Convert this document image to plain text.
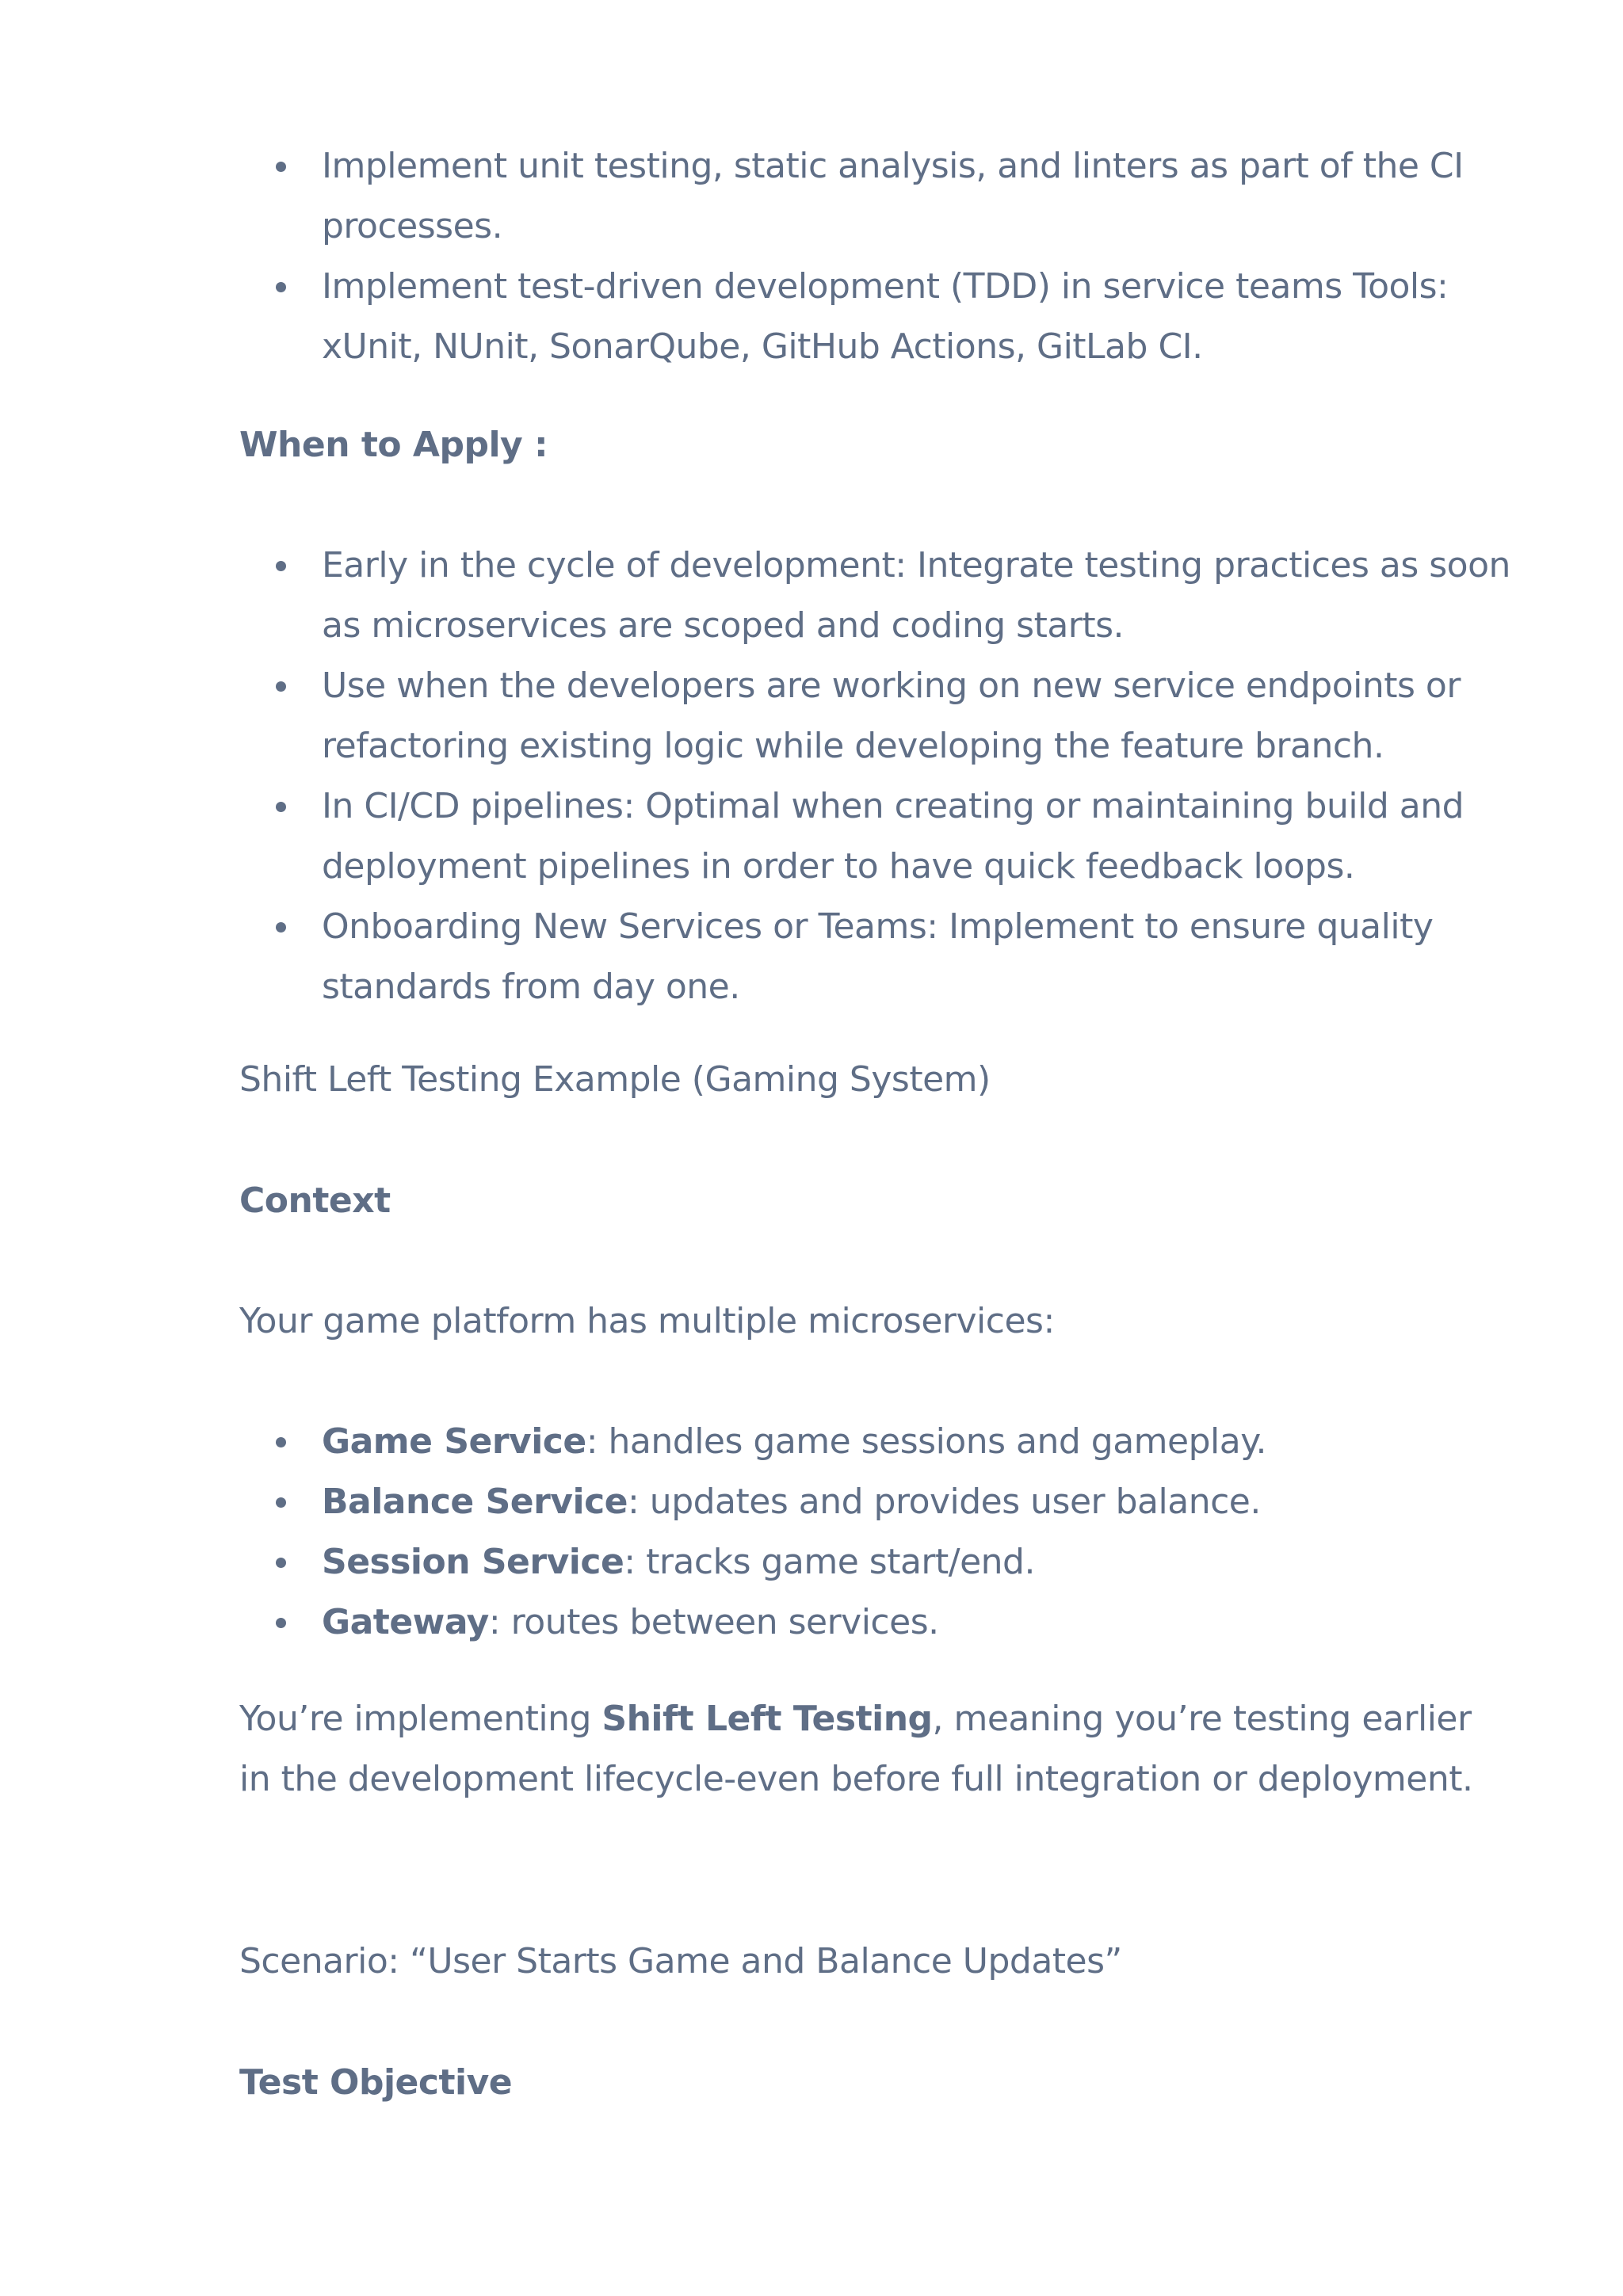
Implement unit testing, static analysis, and linters as part of the CI processes.
Implement test-driven development (TDD) in service teams Tools: xUnit, NUnit, SonarQube, GitHub Actions, GitLab CI.
When to Apply :
Early in the cycle of development: Integrate testing practices as soon as microservices are scoped and coding starts.
Use when the developers are working on new service endpoints or refactoring existing logic while developing the feature branch.
In CI/CD pipelines: Optimal when creating or maintaining build and deployment pipelines in order to have quick feedback loops.
Onboarding New Services or Teams: Implement to ensure quality standards from day one.
Shift Left Testing Example (Gaming System)
Context
Your game platform has multiple microservices:
Game Service: handles game sessions and gameplay.
Balance Service: updates and provides user balance.
Session Service: tracks game start/end.
Gateway: routes between services.
You’re implementing Shift Left Testing, meaning you’re testing earlier in the development lifecycle-even before full integration or deployment.
Scenario: “User Starts Game and Balance Updates”
Test Objective
